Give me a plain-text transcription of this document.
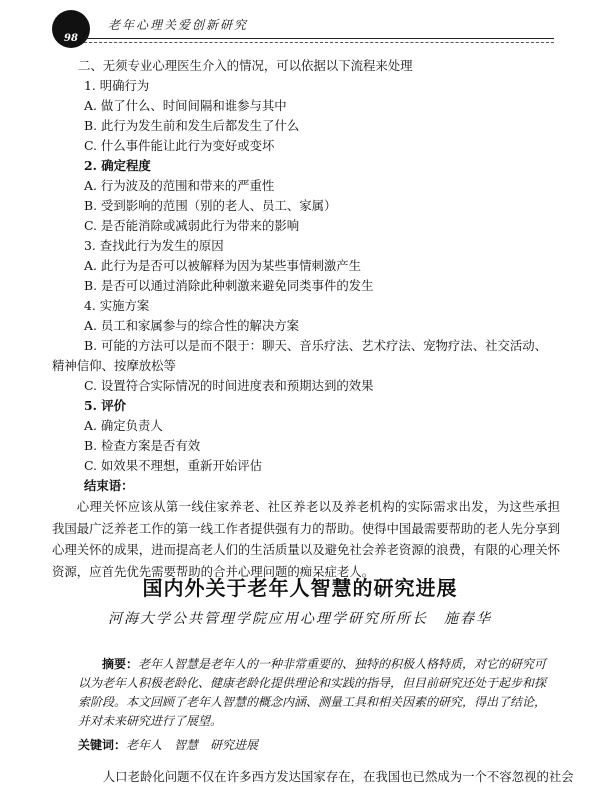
98
老年心理关爱创新研究
二、无须专业心理医生介入的情况，可以依据以下流程来处理
1. 明确行为
A. 做了什么、时间间隔和谁参与其中
B. 此行为发生前和发生后都发生了什么
C. 什么事件能让此行为变好或变坏
2. 确定程度
A. 行为波及的范围和带来的严重性
B. 受到影响的范围（别的老人、员工、家属）
C. 是否能消除或减弱此行为带来的影响
3. 查找此行为发生的原因
A. 此行为是否可以被解释为因为某些事情刺激产生
B. 是否可以通过消除此种刺激来避免同类事件的发生
4. 实施方案
A. 员工和家属参与的综合性的解决方案
B. 可能的方法可以是而不限于：聊天、音乐疗法、艺术疗法、宠物疗法、社交活动、
精神信仰、按摩放松等
C. 设置符合实际情况的时间进度表和预期达到的效果
5. 评价
A. 确定负责人
B. 检查方案是否有效
C. 如效果不理想，重新开始评估
结束语：
心理关怀应该从第一线住家养老、社区养老以及养老机构的实际需求出发，为这些承担我国最广泛养老工作的第一线工作者提供强有力的帮助。使得中国最需要帮助的老人先分享到心理关怀的成果，进而提高老人们的生活质量以及避免社会养老资源的浪费，有限的心理关怀资源，应首先优先需要帮助的合并心理问题的痴呆症老人。
国内外关于老年人智慧的研究进展
河海大学公共管理学院应用心理学研究所所长　施春华
摘要：老年人智慧是老年人的一种非常重要的、独特的积极人格特质，对它的研究可以为老年人积极老龄化、健康老龄化提供理论和实践的指导，但目前研究还处于起步和探索阶段。本文回顾了老年人智慧的概念内涵、测量工具和相关因素的研究，得出了结论，并对未来研究进行了展望。
关键词：老年人　智慧　研究进展
人口老龄化问题不仅在许多西方发达国家存在，在我国也已然成为一个不容忽视的社会
